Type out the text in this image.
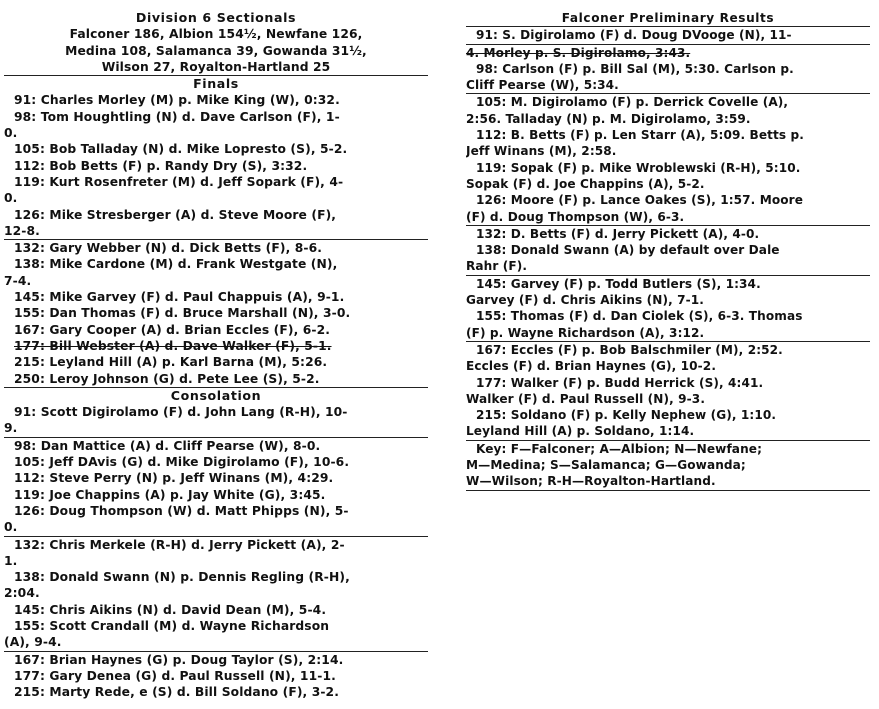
Division 6 Sectionals
Falconer 186, Albion 154½, Newfane 126,
Medina 108, Salamanca 39, Gowanda 31½,
Wilson 27, Royalton-Hartland 25
Finals
91: Charles Morley (M) p. Mike King (W), 0:32.
98: Tom Houghtling (N) d. Dave Carlson (F), 1-
0.
105: Bob Talladay (N) d. Mike Lopresto (S), 5-2.
112: Bob Betts (F) p. Randy Dry (S), 3:32.
119: Kurt Rosenfreter (M) d. Jeff Sopark (F), 4-
0.
126: Mike Stresberger (A) d. Steve Moore (F),
12-8.
132: Gary Webber (N) d. Dick Betts (F), 8-6.
138: Mike Cardone (M) d. Frank Westgate (N),
7-4.
145: Mike Garvey (F) d. Paul Chappuis (A), 9-1.
155: Dan Thomas (F) d. Bruce Marshall (N), 3-0.
167: Gary Cooper (A) d. Brian Eccles (F), 6-2.
177: Bill Webster (A) d. Dave Walker (F), 5-1.
215: Leyland Hill (A) p. Karl Barna (M), 5:26.
250: Leroy Johnson (G) d. Pete Lee (S), 5-2.
Consolation
91: Scott Digirolamo (F) d. John Lang (R-H), 10-
9.
98: Dan Mattice (A) d. Cliff Pearse (W), 8-0.
105: Jeff DAvis (G) d. Mike Digirolamo (F), 10-6.
112: Steve Perry (N) p. Jeff Winans (M), 4:29.
119: Joe Chappins (A) p. Jay White (G), 3:45.
126: Doug Thompson (W) d. Matt Phipps (N), 5-
0.
132: Chris Merkele (R-H) d. Jerry Pickett (A), 2-
1.
138: Donald Swann (N) p. Dennis Regling (R-H),
2:04.
145: Chris Aikins (N) d. David Dean (M), 5-4.
155: Scott Crandall (M) d. Wayne Richardson
(A), 9-4.
167: Brian Haynes (G) p. Doug Taylor (S), 2:14.
177: Gary Denea (G) d. Paul Russell (N), 11-1.
215: Marty Rede, e (S) d. Bill Soldano (F), 3-2.
Falconer Preliminary Results
91: S. Digirolamo (F) d. Doug DVooge (N), 11-
4. Morley p. S. Digirolamo, 3:43.
98: Carlson (F) p. Bill Sal (M), 5:30. Carlson p.
Cliff Pearse (W), 5:34.
105: M. Digirolamo (F) p. Derrick Covelle (A),
2:56. Talladay (N) p. M. Digirolamo, 3:59.
112: B. Betts (F) p. Len Starr (A), 5:09. Betts p.
Jeff Winans (M), 2:58.
119: Sopak (F) p. Mike Wroblewski (R-H), 5:10.
Sopak (F) d. Joe Chappins (A), 5-2.
126: Moore (F) p. Lance Oakes (S), 1:57. Moore
(F) d. Doug Thompson (W), 6-3.
132: D. Betts (F) d. Jerry Pickett (A), 4-0.
138: Donald Swann (A) by default over Dale
Rahr (F).
145: Garvey (F) p. Todd Butlers (S), 1:34.
Garvey (F) d. Chris Aikins (N), 7-1.
155: Thomas (F) d. Dan Ciolek (S), 6-3. Thomas
(F) p. Wayne Richardson (A), 3:12.
167: Eccles (F) p. Bob Balschmiler (M), 2:52.
Eccles (F) d. Brian Haynes (G), 10-2.
177: Walker (F) p. Budd Herrick (S), 4:41.
Walker (F) d. Paul Russell (N), 9-3.
215: Soldano (F) p. Kelly Nephew (G), 1:10.
Leyland Hill (A) p. Soldano, 1:14.
Key: F—Falconer; A—Albion; N—Newfane;
M—Medina; S—Salamanca; G—Gowanda;
W—Wilson; R-H—Royalton-Hartland.
